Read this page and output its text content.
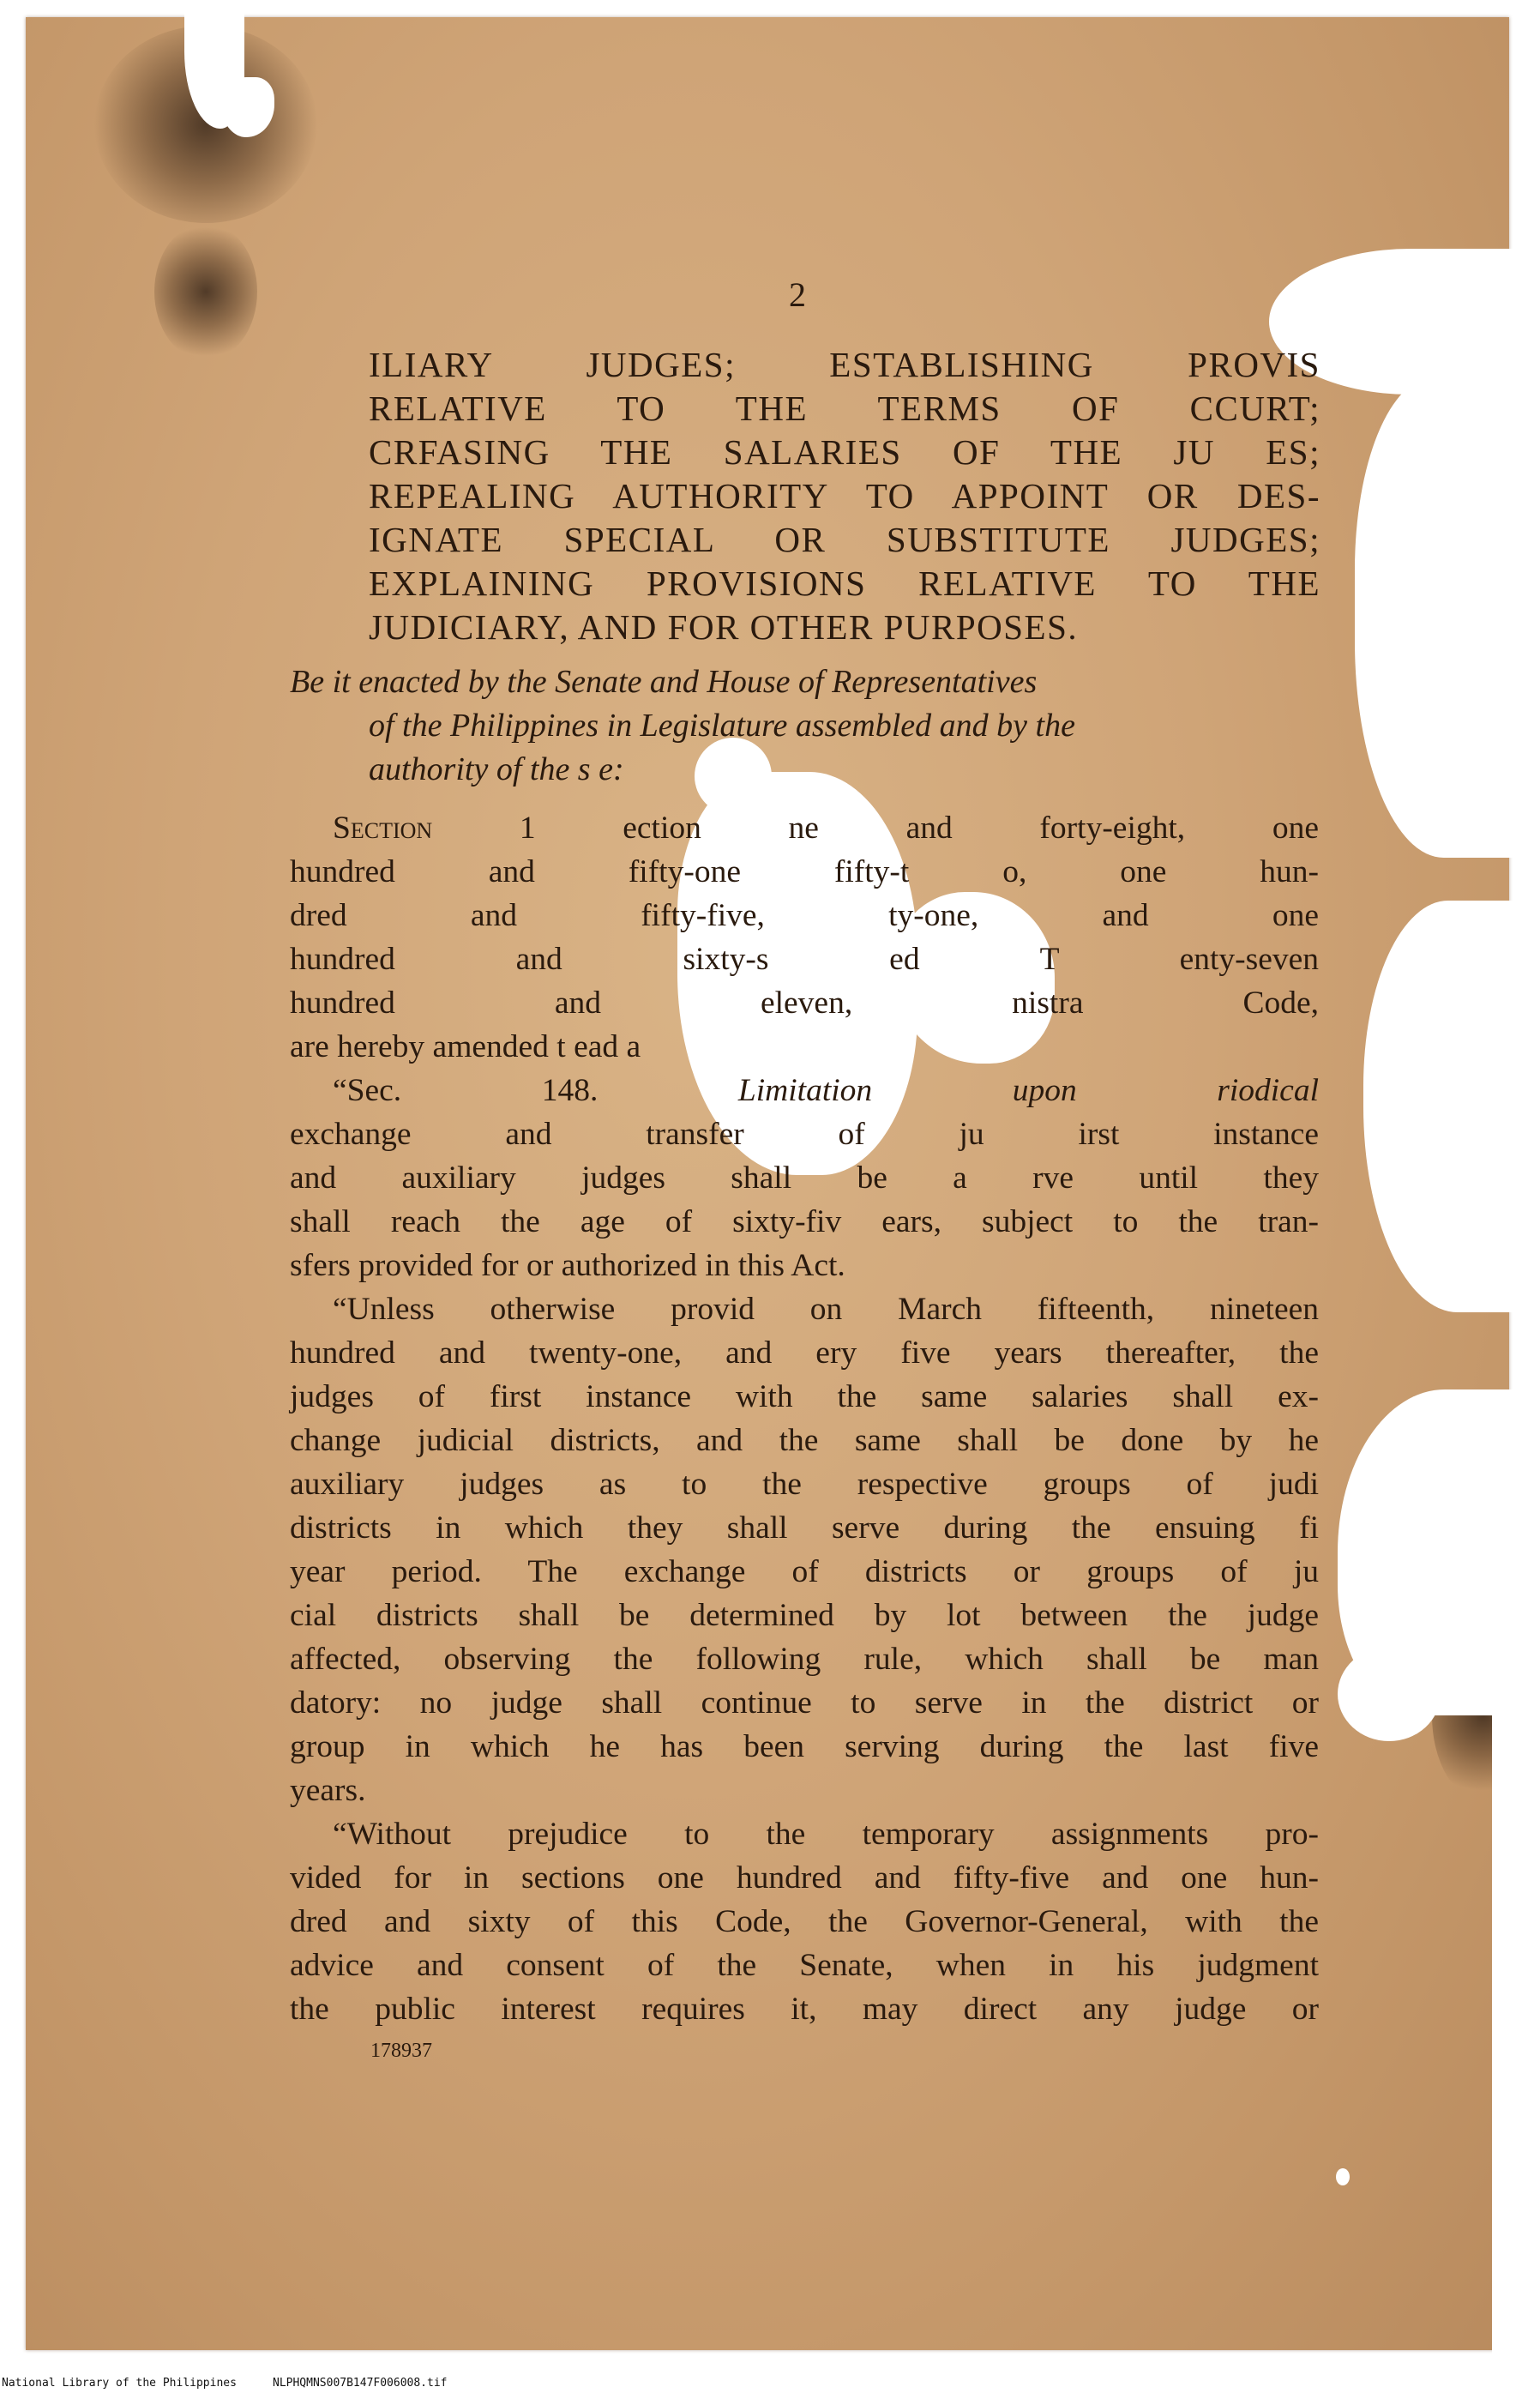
2
ILIARY JUDGES; ESTABLISHING PROVIS
RELATIVE TO THE TERMS OF CCURT;
CRFASING THE SALARIES OF THE JU ES;
REPEALING AUTHORITY TO APPOINT OR DES-
IGNATE SPECIAL OR SUBSTITUTE JUDGES;
EXPLAINING PROVISIONS RELATIVE TO THE
JUDICIARY, AND FOR OTHER PURPOSES.
Be it enacted by the Senate and House of Representatives
of the Philippines in Legislature assembled and by the
authority of the s e:
Section 1 ection ne and forty-eight, one
hundred and fifty-one fifty-t o, one hun-
dred and fifty-five, ty-one, and one
hundred and sixty-s ed T enty-seven
hundred and eleven, nistra Code,
are hereby amended t ead a
“Sec. 148. Limitation upon riodical
exchange and transfer of ju irst instance
and auxiliary judges shall be a rve until they
shall reach the age of sixty-fiv ears, subject to the tran-
sfers provided for or authorized in this Act.
“Unless otherwise provid on March fifteenth, nineteen
hundred and twenty-one, and ery five years thereafter, the
judges of first instance with the same salaries shall ex-
change judicial districts, and the same shall be done by he
auxiliary judges as to the respective groups of judi
districts in which they shall serve during the ensuing fi
year period. The exchange of districts or groups of ju
cial districts shall be determined by lot between the judge
affected, observing the following rule, which shall be man
datory: no judge shall continue to serve in the district or
group in which he has been serving during the last five
years.
“Without prejudice to the temporary assignments pro-
vided for in sections one hundred and fifty-five and one hun-
dred and sixty of this Code, the Governor-General, with the
advice and consent of the Senate, when in his judgment
the public interest requires it, may direct any judge or
178937
National Library of the Philippines	NLPHQMNS007B147F006008.tif
